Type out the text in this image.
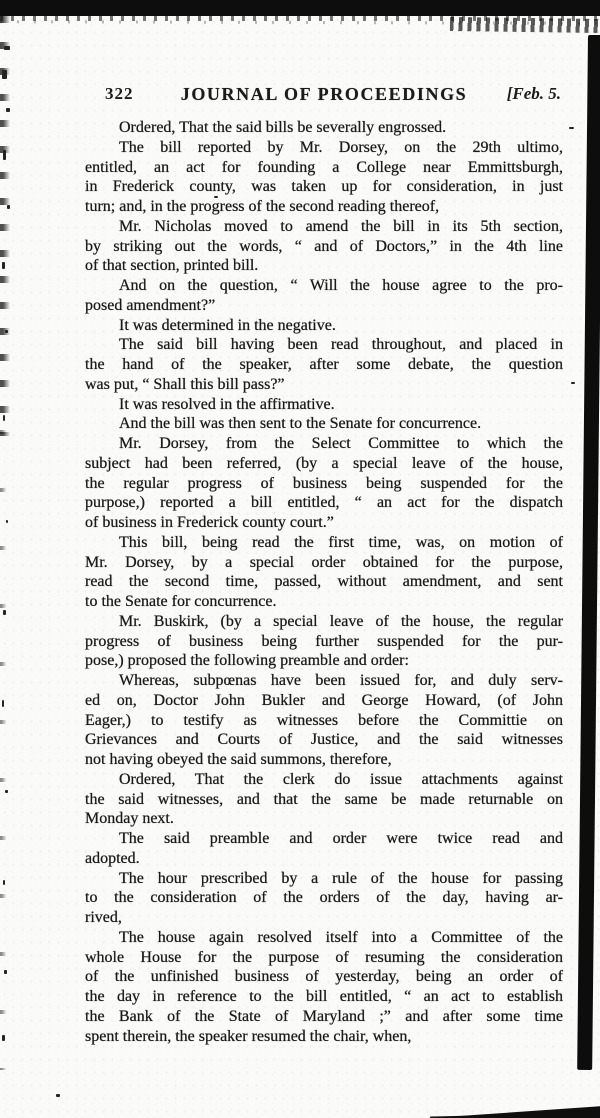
322	JOURNAL OF PROCEEDINGS [Feb. 5.
Ordered, That the said bills be severally engrossed.
The bill reported by Mr. Dorsey, on the 29th ultimo,
entitled, an act for founding a College near Emmittsburgh,
in Frederick county, was taken up for consideration, in just
turn; and, in the progress of the second reading thereof,
Mr. Nicholas moved to amend the bill in its 5th section,
by striking out the words, “ and of Doctors,” in the 4th line
of that section, printed bill.
And on the question, “ Will the house agree to the pro-
posed amendment?”
It was determined in the negative.
The said bill having been read throughout, and placed in
the hand of the speaker, after some debate, the question
was put, “ Shall this bill pass?”
It was resolved in the affirmative.
And the bill was then sent to the Senate for concurrence.
Mr. Dorsey, from the Select Committee to which the
subject had been referred, (by a special leave of the house,
the regular progress of business being suspended for the
purpose,) reported a bill entitled, “ an act for the dispatch
of business in Frederick county court.”
This bill, being read the first time, was, on motion of
Mr. Dorsey, by a special order obtained for the purpose,
read the second time, passed, without amendment, and sent
to the Senate for concurrence.
Mr. Buskirk, (by a special leave of the house, the regular
progress of business being further suspended for the pur-
pose,) proposed the following preamble and order:
Whereas, subpœnas have been issued for, and duly serv-
ed on, Doctor John Bukler and George Howard, (of John
Eager,) to testify as witnesses before the Committie on
Grievances and Courts of Justice, and the said witnesses
not having obeyed the said summons, therefore,
Ordered, That the clerk do issue attachments against
the said witnesses, and that the same be made returnable on
Monday next.
The said preamble and order were twice read and
adopted.
The hour prescribed by a rule of the house for passing
to the consideration of the orders of the day, having ar-
rived,
The house again resolved itself into a Committee of the
whole House for the purpose of resuming the consideration
of the unfinished business of yesterday, being an order of
the day in reference to the bill entitled, “ an act to establish
the Bank of the State of Maryland ;” and after some time
spent therein, the speaker resumed the chair, when,
